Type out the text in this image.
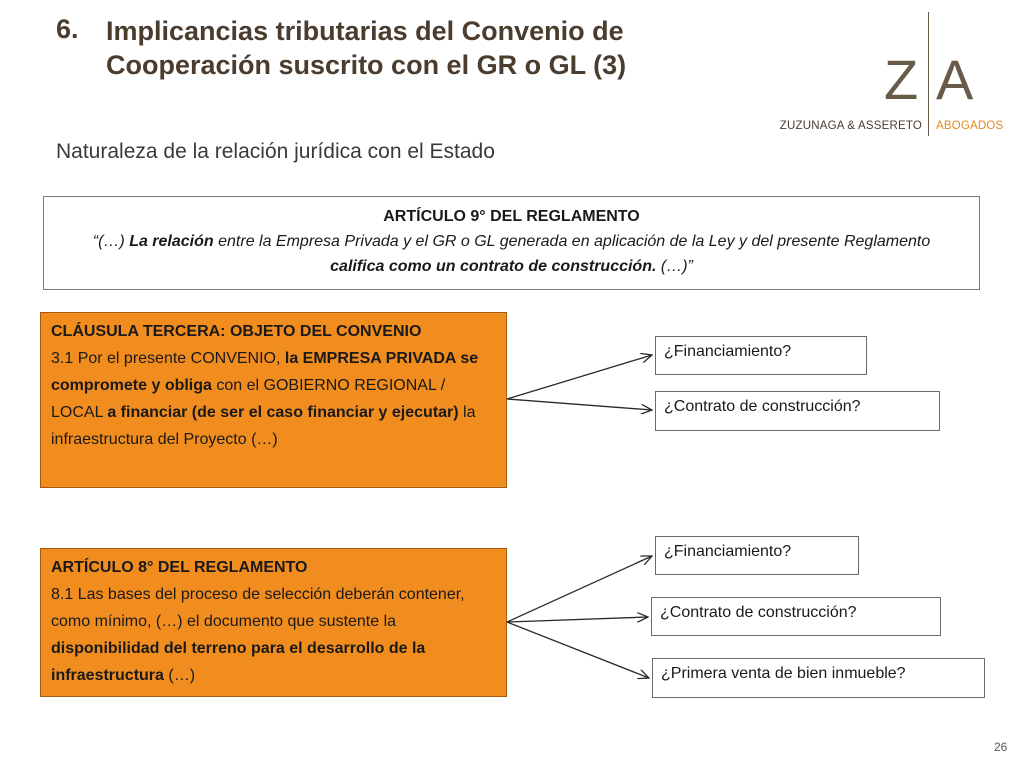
6. Implicancias tributarias del Convenio de Cooperación suscrito con el GR o GL (3)	Z A
ZUZUNAGA & ASSERETO ABOGADOS
Naturaleza de la relación jurídica con el Estado
ARTÍCULO 9° DEL REGLAMENTO
“(…) La relación entre la Empresa Privada y el GR o GL generada en aplicación de la Ley y del presente Reglamento califica como un contrato de construcción. (…)”
CLÁUSULA TERCERA: OBJETO DEL CONVENIO
3.1 Por el presente CONVENIO, la EMPRESA PRIVADA se compromete y obliga con el GOBIERNO REGIONAL / LOCAL a financiar (de ser el caso financiar y ejecutar) la infraestructura del Proyecto (…)
ARTÍCULO 8° DEL REGLAMENTO
8.1 Las bases del proceso de selección deberán contener, como mínimo, (…) el documento que sustente la disponibilidad del terreno para el desarrollo de la infraestructura (…)
¿Financiamiento?
¿Contrato de construcción?
¿Financiamiento?
¿Contrato de construcción?
¿Primera venta de bien inmueble?
26
